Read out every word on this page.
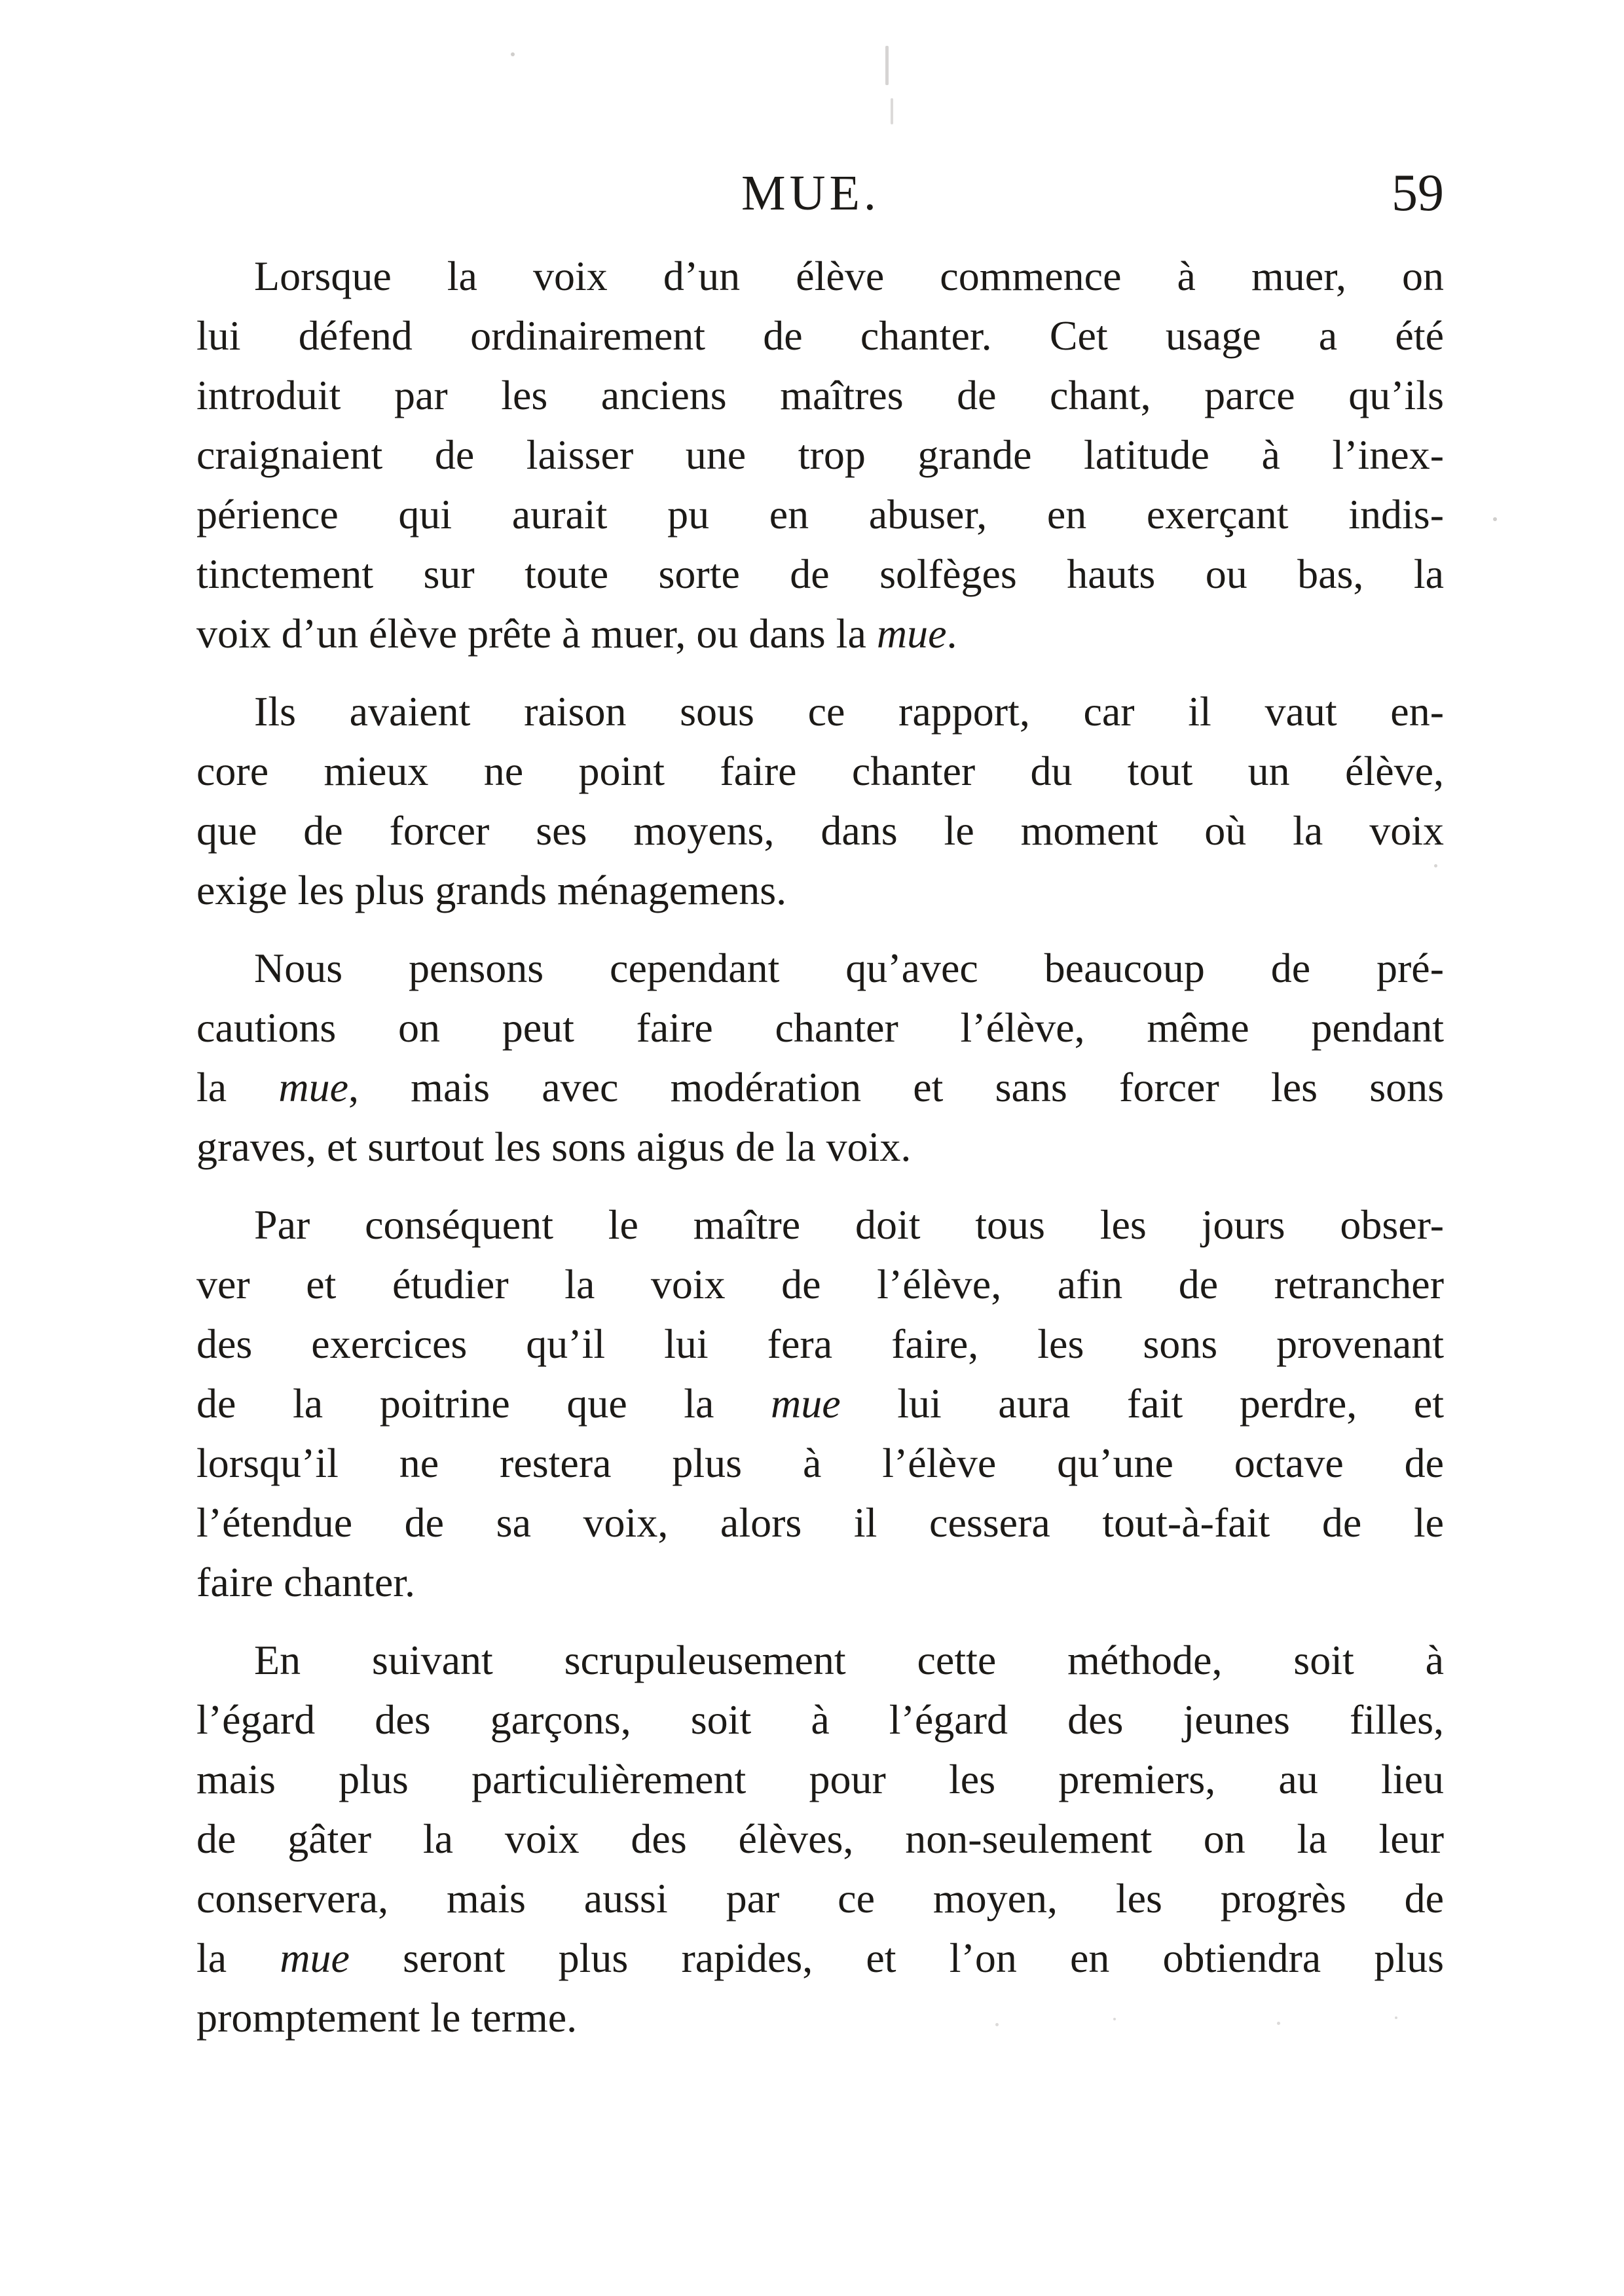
MUE.	59
Lorsque la voix d’un élève commence à muer, on
lui défend ordinairement de chanter. Cet usage a été
introduit par les anciens maîtres de chant, parce qu’ils
craignaient de laisser une trop grande latitude à l’inex-
périence qui aurait pu en abuser, en exerçant indis-
tinctement sur toute sorte de solfèges hauts ou bas, la
voix d’un élève prête à muer, ou dans la mue.
Ils avaient raison sous ce rapport, car il vaut en-
core mieux ne point faire chanter du tout un élève,
que de forcer ses moyens, dans le moment où la voix
exige les plus grands ménagemens.
Nous pensons cependant qu’avec beaucoup de pré-
cautions on peut faire chanter l’élève, même pendant
la mue, mais avec modération et sans forcer les sons
graves, et surtout les sons aigus de la voix.
Par conséquent le maître doit tous les jours obser-
ver et étudier la voix de l’élève, afin de retrancher
des exercices qu’il lui fera faire, les sons provenant
de la poitrine que la mue lui aura fait perdre, et
lorsqu’il ne restera plus à l’élève qu’une octave de
l’étendue de sa voix, alors il cessera tout-à-fait de le
faire chanter.
En suivant scrupuleusement cette méthode, soit à
l’égard des garçons, soit à l’égard des jeunes filles,
mais plus particulièrement pour les premiers, au lieu
de gâter la voix des élèves, non-seulement on la leur
conservera, mais aussi par ce moyen, les progrès de
la mue seront plus rapides, et l’on en obtiendra plus
promptement le terme.
